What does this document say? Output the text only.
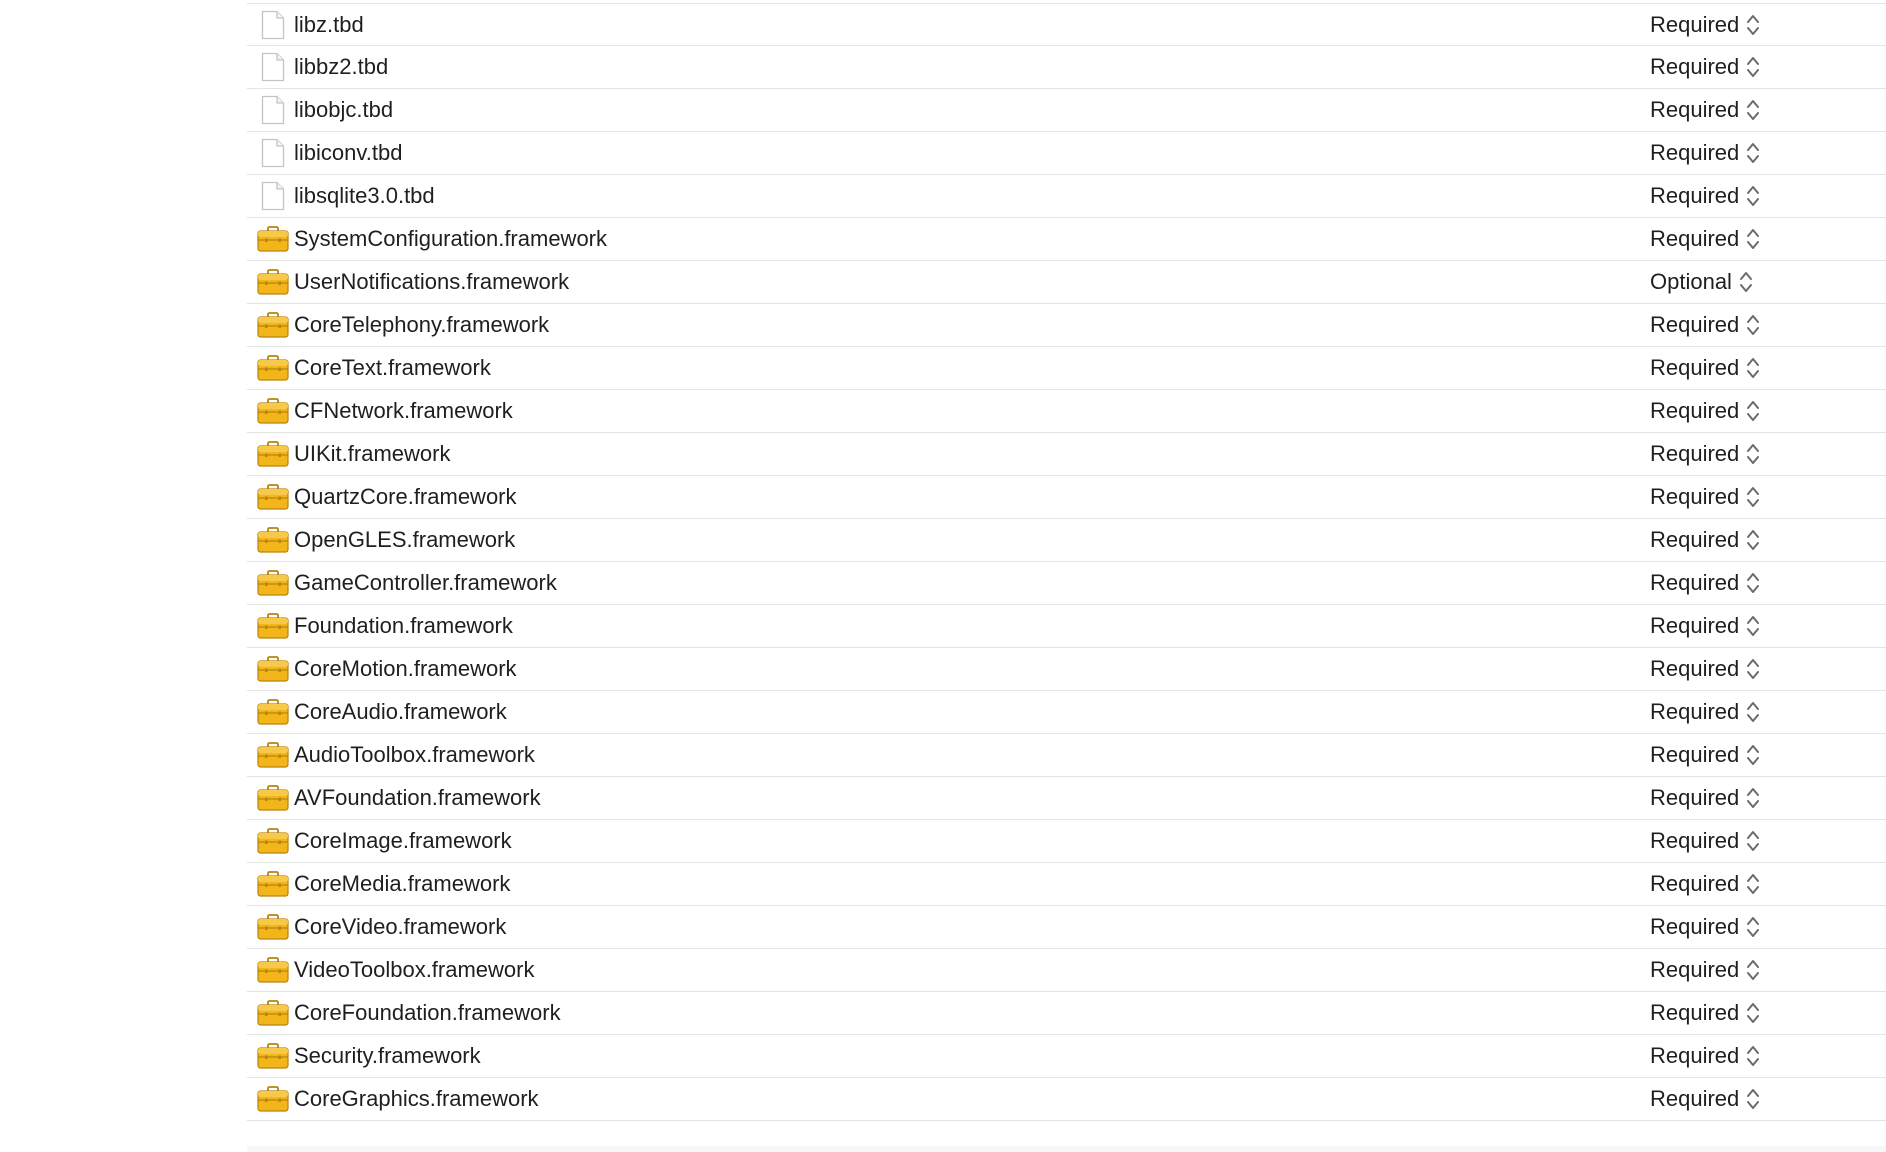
libz.tbd	Required
libbz2.tbd	Required
libobjc.tbd	Required
libiconv.tbd	Required
libsqlite3.0.tbd	Required
SystemConfiguration.framework	Required
UserNotifications.framework	Optional
CoreTelephony.framework	Required
CoreText.framework	Required
CFNetwork.framework	Required
UIKit.framework	Required
QuartzCore.framework	Required
OpenGLES.framework	Required
GameController.framework	Required
Foundation.framework	Required
CoreMotion.framework	Required
CoreAudio.framework	Required
AudioToolbox.framework	Required
AVFoundation.framework	Required
CoreImage.framework	Required
CoreMedia.framework	Required
CoreVideo.framework	Required
VideoToolbox.framework	Required
CoreFoundation.framework	Required
Security.framework	Required
CoreGraphics.framework	Required
